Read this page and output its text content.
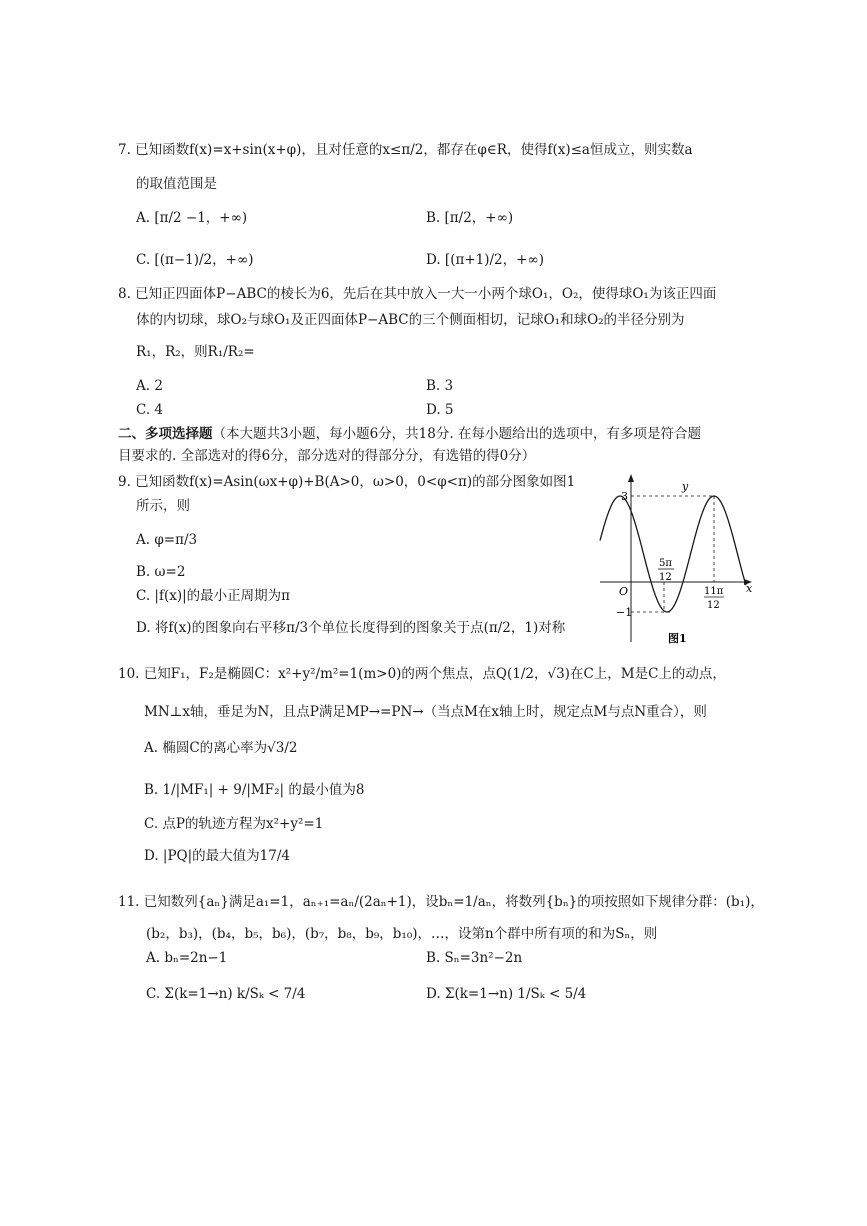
7. 已知函数f(x)=x+sin(x+φ)，且对任意的x≤π/2，都存在φ∈R，使得f(x)≤a恒成立，则实数a
的取值范围是
A. [π/2 −1，+∞)	B. [π/2，+∞)
C. [(π−1)/2，+∞)	D. [(π+1)/2，+∞)
8. 已知正四面体P−ABC的棱长为6，先后在其中放入一大一小两个球O₁，O₂，使得球O₁为该正四面
体的内切球，球O₂与球O₁及正四面体P−ABC的三个侧面相切，记球O₁和球O₂的半径分别为
R₁，R₂，则R₁/R₂=
A. 2	B. 3
C. 4	D. 5
二、多项选择题（本大题共3小题，每小题6分，共18分. 在每小题给出的选项中，有多项是符合题
目要求的. 全部选对的得6分，部分选对的得部分分，有选错的得0分）
9. 已知函数f(x)=Asin(ωx+φ)+B(A>0，ω>0，0<φ<π)的部分图象如图1
所示，则
A. φ=π/3
B. ω=2
C. |f(x)|的最小正周期为π
D. 将f(x)的图象向右平移π/3个单位长度得到的图象关于点(π/2，1)对称
y
x
O
3
−1
5π
12
11π
12
图1
10. 已知F₁，F₂是椭圆C：x²+y²/m²=1(m>0)的两个焦点，点Q(1/2，√3)在C上，M是C上的动点，
MN⊥x轴，垂足为N，且点P满足MP→=PN→（当点M在x轴上时，规定点M与点N重合），则
A. 椭圆C的离心率为√3/2
B. 1/|MF₁| + 9/|MF₂| 的最小值为8
C. 点P的轨迹方程为x²+y²=1
D. |PQ|的最大值为17/4
11. 已知数列{aₙ}满足a₁=1，aₙ₊₁=aₙ/(2aₙ+1)，设bₙ=1/aₙ，将数列{bₙ}的项按照如下规律分群：(b₁)，
(b₂，b₃)，(b₄，b₅，b₆)，(b₇，b₈，b₉，b₁₀)，…，设第n个群中所有项的和为Sₙ，则
A. bₙ=2n−1	B. Sₙ=3n²−2n
C. Σ(k=1→n) k/Sₖ < 7/4	D. Σ(k=1→n) 1/Sₖ < 5/4
